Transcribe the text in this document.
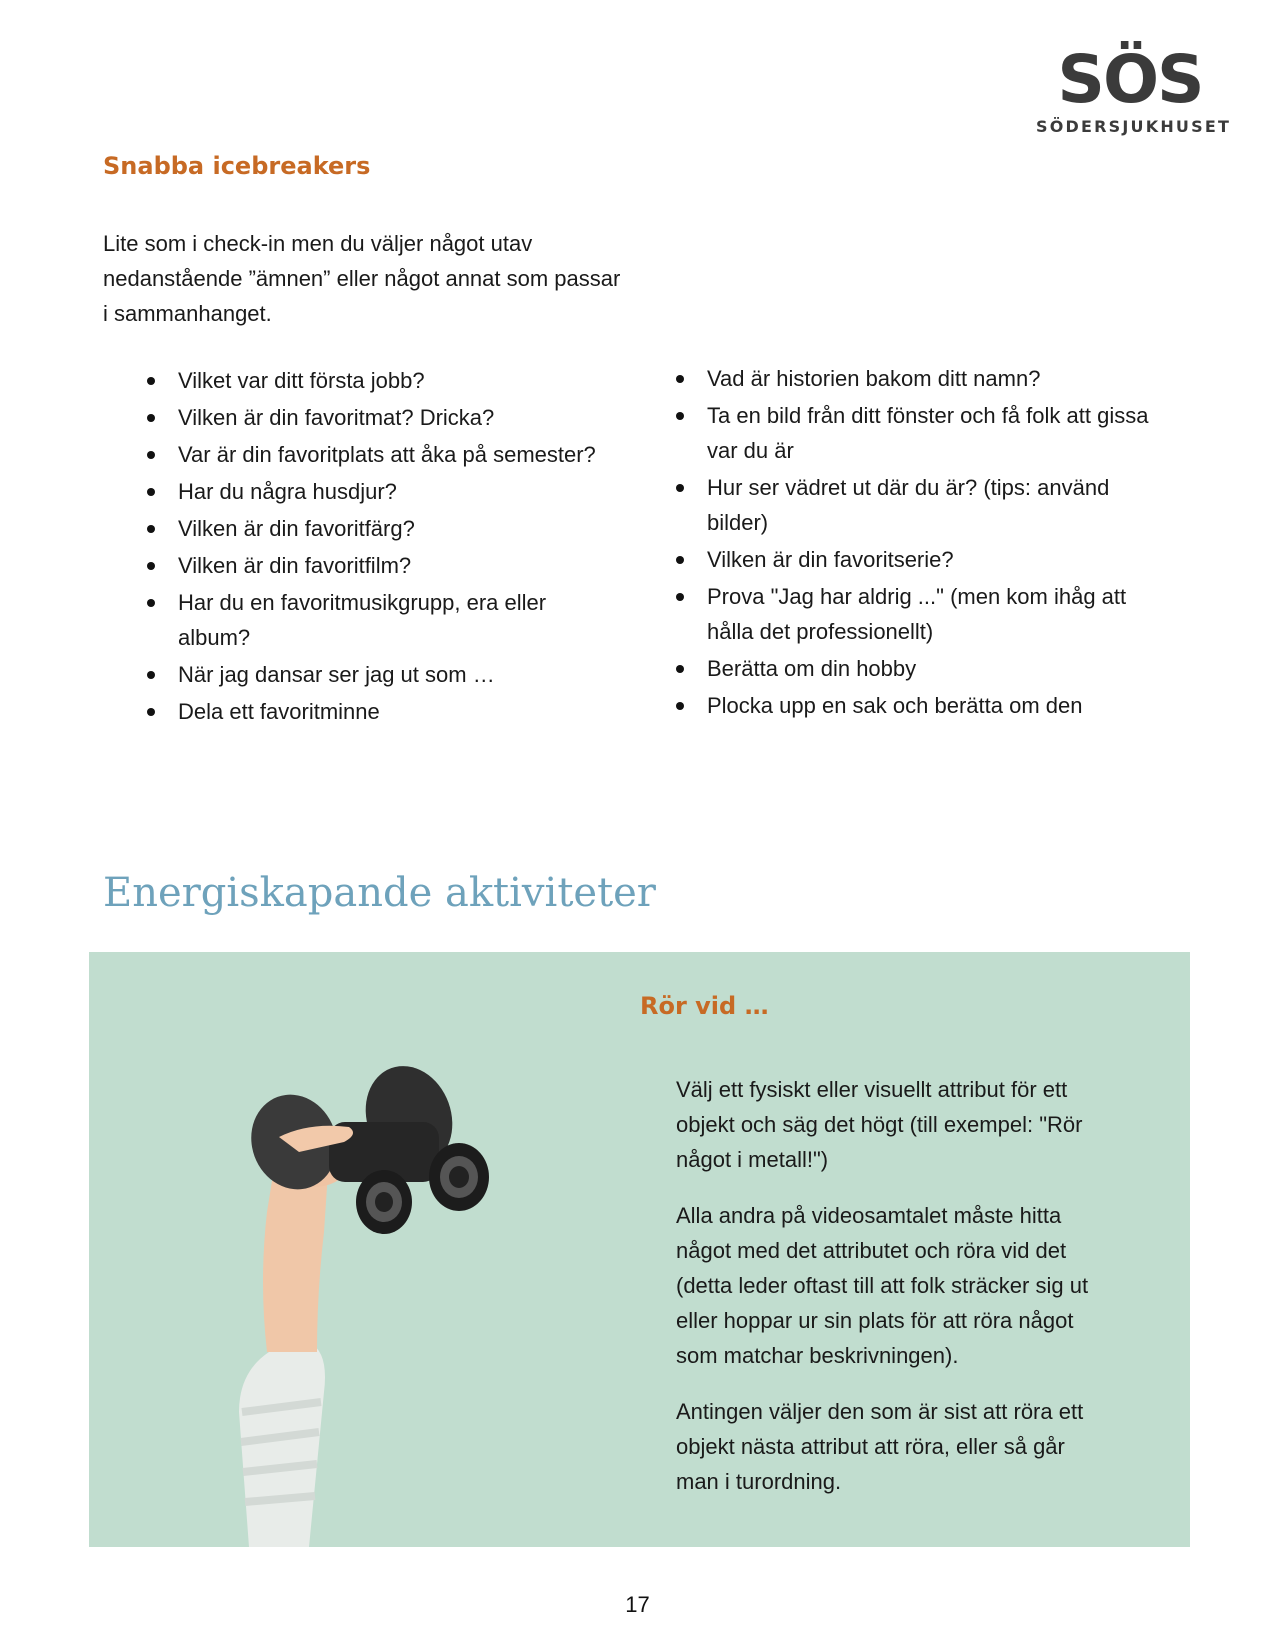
SÖS
SÖDERSJUKHUSET
Snabba icebreakers

Lite som i check-in men du väljer något utav nedanstående ”ämnen” eller något annat som passar i sammanhanget.

Vilket var ditt första jobb?
Vilken är din favoritmat? Dricka?
Var är din favoritplats att åka på semester?
Har du några husdjur?
Vilken är din favoritfärg?
Vilken är din favoritfilm?
Har du en favoritmusikgrupp, era eller album?
När jag dansar ser jag ut som …
Dela ett favoritminne
Vad är historien bakom ditt namn?
Ta en bild från ditt fönster och få folk att gissa var du är
Hur ser vädret ut där du är? (tips: använd bilder)
Vilken är din favoritserie?
Prova "Jag har aldrig ..." (men kom ihåg att hålla det professionellt)
Berätta om din hobby
Plocka upp en sak och berätta om den
Energiskapande aktiviteter
Rör vid …

Välj ett fysiskt eller visuellt attribut för ett objekt och säg det högt (till exempel: "Rör något i metall!")

Alla andra på videosamtalet måste hitta något med det attributet och röra vid det (detta leder oftast till att folk sträcker sig ut eller hoppar ur sin plats för att röra något som matchar beskrivningen).

Antingen väljer den som är sist att röra ett objekt nästa attribut att röra, eller så går man i turordning.

17
